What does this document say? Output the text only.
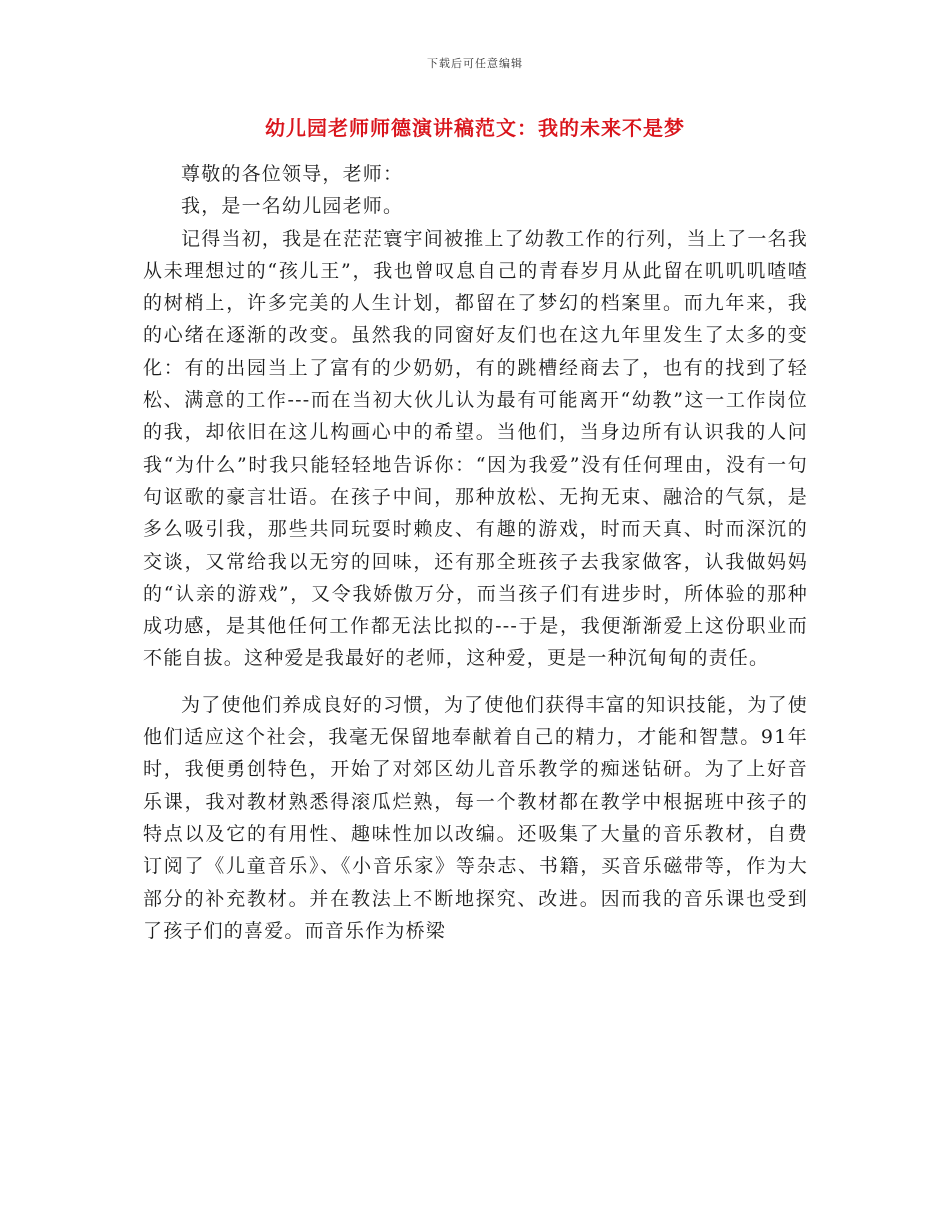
下载后可任意编辑
幼儿园老师师德演讲稿范文：我的未来不是梦

尊敬的各位领导，老师：

我，是一名幼儿园老师。

记得当初，我是在茫茫寰宇间被推上了幼教工作的行列，当上了一名我从未理想过的“孩儿王”，我也曾叹息自己的青春岁月从此留在叽叽叽喳喳的树梢上，许多完美的人生计划，都留在了梦幻的档案里。而九年来，我的心绪在逐渐的改变。虽然我的同窗好友们也在这九年里发生了太多的变化：有的出园当上了富有的少奶奶，有的跳槽经商去了，也有的找到了轻松、满意的工作---而在当初大伙儿认为最有可能离开“幼教”这一工作岗位的我，却依旧在这儿构画心中的希望。当他们，当身边所有认识我的人问我“为什么”时我只能轻轻地告诉你：“因为我爱”没有任何理由，没有一句句讴歌的豪言壮语。在孩子中间，那种放松、无拘无束、融洽的气氛，是多么吸引我，那些共同玩耍时赖皮、有趣的游戏，时而天真、时而深沉的交谈，又常给我以无穷的回味，还有那全班孩子去我家做客，认我做妈妈的“认亲的游戏”，又令我娇傲万分，而当孩子们有进步时，所体验的那种成功感，是其他任何工作都无法比拟的---于是，我便渐渐爱上这份职业而不能自拔。这种爱是我最好的老师，这种爱，更是一种沉甸甸的责任。

为了使他们养成良好的习惯，为了使他们获得丰富的知识技能，为了使他们适应这个社会，我毫无保留地奉献着自己的精力，才能和智慧。91年时，我便勇创特色，开始了对郊区幼儿音乐教学的痴迷钻研。为了上好音乐课，我对教材熟悉得滚瓜烂熟，每一个教材都在教学中根据班中孩子的特点以及它的有用性、趣味性加以改编。还吸集了大量的音乐教材，自费订阅了《儿童音乐》、《小音乐家》等杂志、书籍，买音乐磁带等，作为大部分的补充教材。并在教法上不断地探究、改进。因而我的音乐课也受到了孩子们的喜爱。而音乐作为桥梁
